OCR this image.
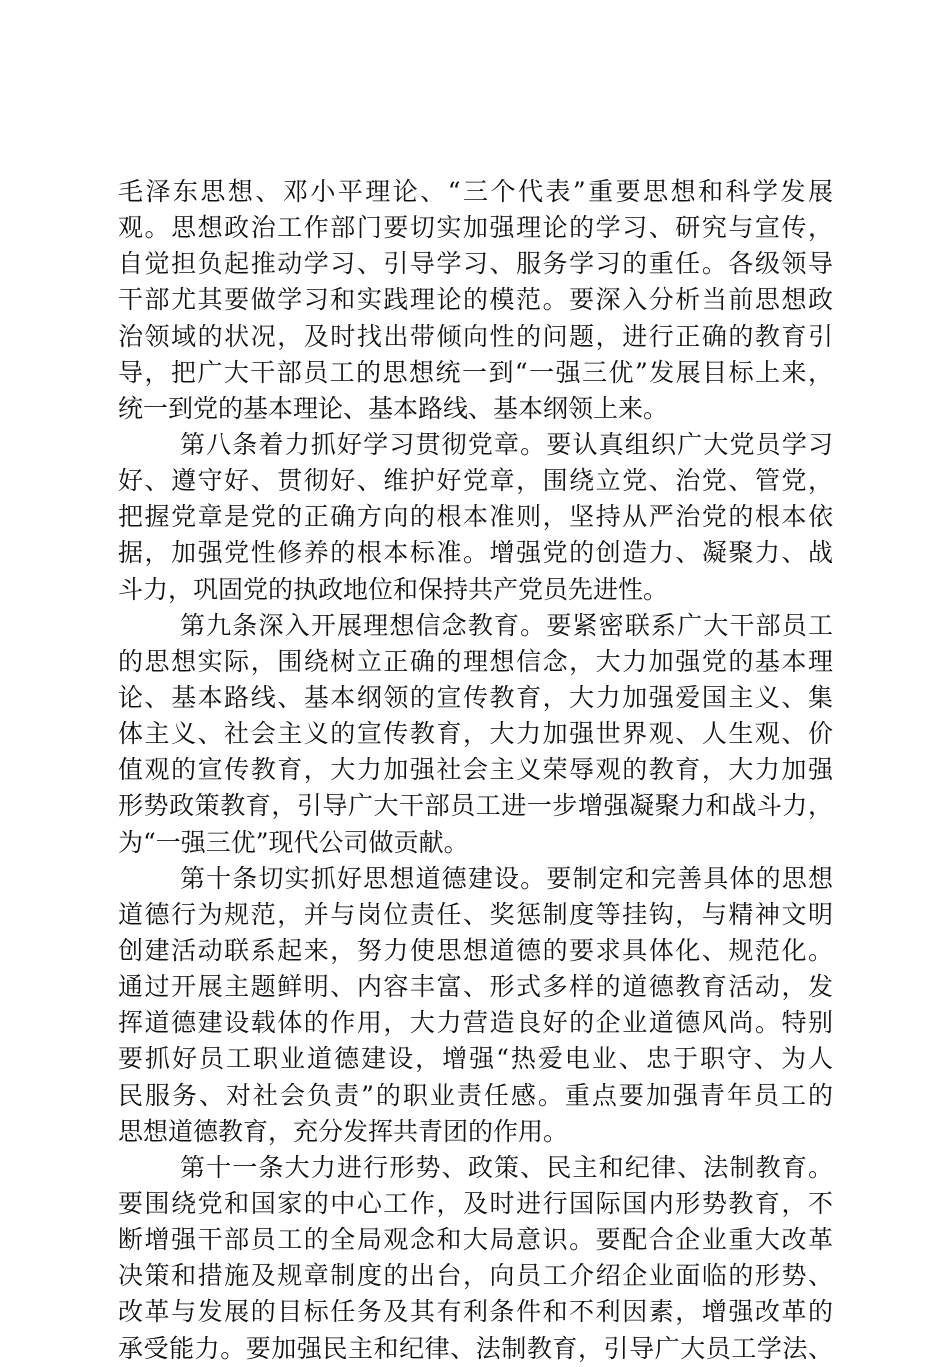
毛泽东思想、邓小平理论、“三个代表”重要思想和科学发展
观。思想政治工作部门要切实加强理论的学习、研究与宣传，
自觉担负起推动学习、引导学习、服务学习的重任。各级领导
干部尤其要做学习和实践理论的模范。要深入分析当前思想政
治领域的状况，及时找出带倾向性的问题，进行正确的教育引
导，把广大干部员工的思想统一到“一强三优”发展目标上来，
统一到党的基本理论、基本路线、基本纲领上来。
第八条着力抓好学习贯彻党章。要认真组织广大党员学习
好、遵守好、贯彻好、维护好党章，围绕立党、治党、管党，
把握党章是党的正确方向的根本准则，坚持从严治党的根本依
据，加强党性修养的根本标准。增强党的创造力、凝聚力、战
斗力，巩固党的执政地位和保持共产党员先进性。
第九条深入开展理想信念教育。要紧密联系广大干部员工
的思想实际，围绕树立正确的理想信念，大力加强党的基本理
论、基本路线、基本纲领的宣传教育，大力加强爱国主义、集
体主义、社会主义的宣传教育，大力加强世界观、人生观、价
值观的宣传教育，大力加强社会主义荣辱观的教育，大力加强
形势政策教育，引导广大干部员工进一步增强凝聚力和战斗力，
为“一强三优”现代公司做贡献。
第十条切实抓好思想道德建设。要制定和完善具体的思想
道德行为规范，并与岗位责任、奖惩制度等挂钩，与精神文明
创建活动联系起来，努力使思想道德的要求具体化、规范化。
通过开展主题鲜明、内容丰富、形式多样的道德教育活动，发
挥道德建设载体的作用，大力营造良好的企业道德风尚。特别
要抓好员工职业道德建设，增强“热爱电业、忠于职守、为人
民服务、对社会负责”的职业责任感。重点要加强青年员工的
思想道德教育，充分发挥共青团的作用。
第十一条大力进行形势、政策、民主和纪律、法制教育。
要围绕党和国家的中心工作，及时进行国际国内形势教育，不
断增强干部员工的全局观念和大局意识。要配合企业重大改革
决策和措施及规章制度的出台，向员工介绍企业面临的形势、
改革与发展的目标任务及其有利条件和不利因素，增强改革的
承受能力。要加强民主和纪律、法制教育，引导广大员工学法、
